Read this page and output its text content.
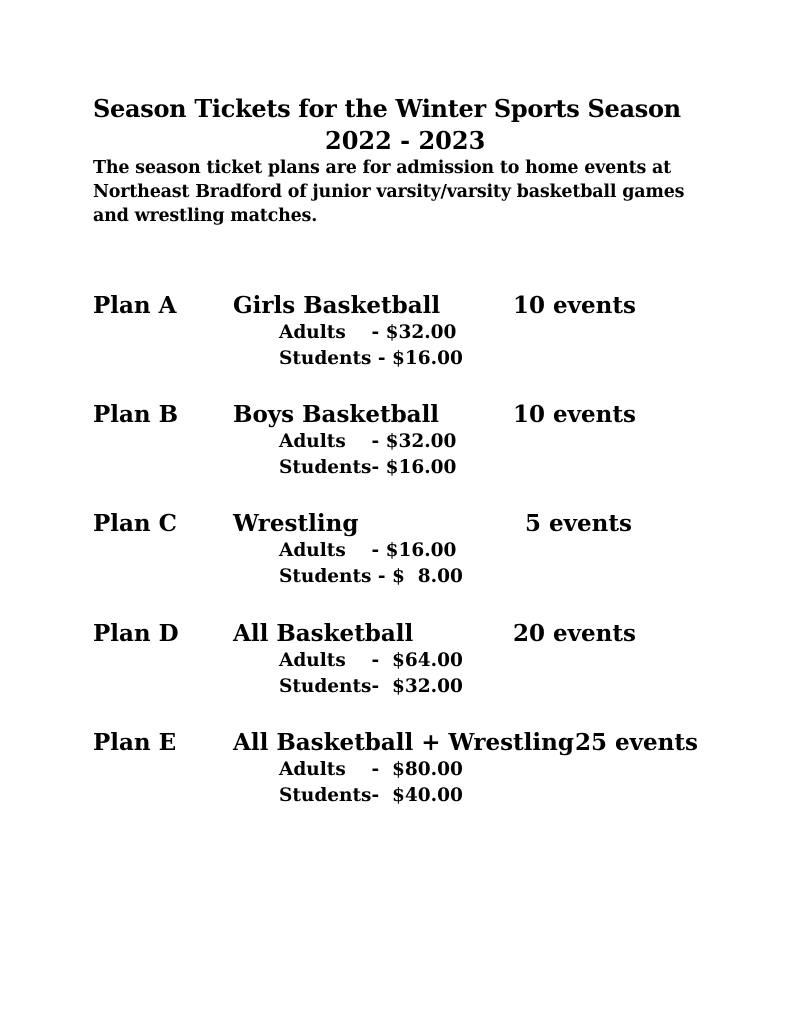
Season Tickets for the Winter Sports Season
2022 - 2023
The season ticket plans are for admission to home events at Northeast Bradford of junior varsity/varsity basketball games and wrestling matches.
Plan A Girls Basketball	10 events
Adults    - $32.00
Students - $16.00
Plan B Boys Basketball	10 events
Adults    - $32.00
Students- $16.00
Plan C Wrestling	5 events
Adults    - $16.00
Students - $  8.00
Plan D All Basketball	20 events
Adults    -  $64.00
Students-  $32.00
Plan E All Basketball + Wrestling 25 events
Adults    -  $80.00
Students-  $40.00
